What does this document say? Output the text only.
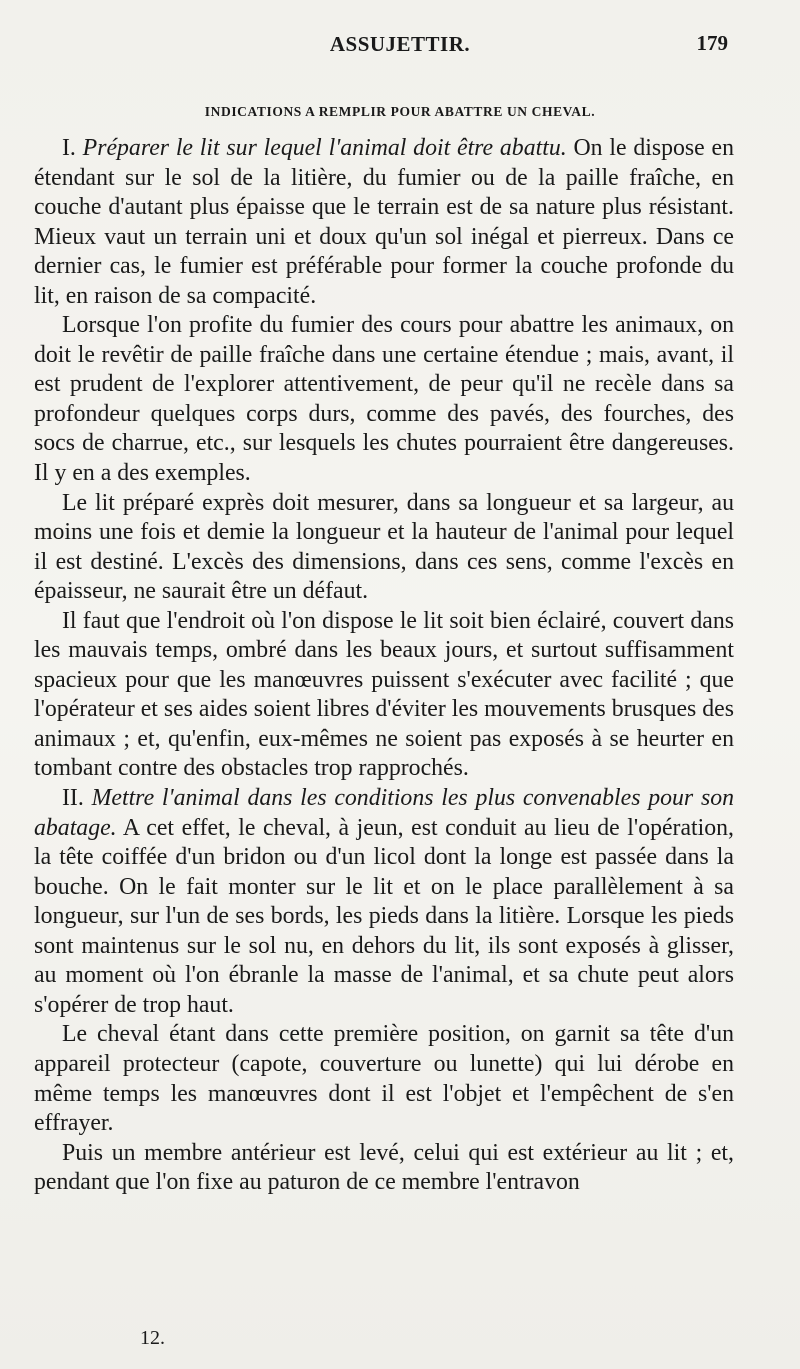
ASSUJETTIR.	179
INDICATIONS A REMPLIR POUR ABATTRE UN CHEVAL.

I. Préparer le lit sur lequel l'animal doit être abattu. On le dispose en étendant sur le sol de la litière, du fumier ou de la paille fraîche, en couche d'autant plus épaisse que le terrain est de sa nature plus résistant. Mieux vaut un terrain uni et doux qu'un sol inégal et pierreux. Dans ce dernier cas, le fumier est préférable pour former la couche profonde du lit, en raison de sa compacité.

Lorsque l'on profite du fumier des cours pour abattre les animaux, on doit le revêtir de paille fraîche dans une certaine étendue ; mais, avant, il est prudent de l'explorer attentivement, de peur qu'il ne recèle dans sa profondeur quelques corps durs, comme des pavés, des fourches, des socs de charrue, etc., sur lesquels les chutes pourraient être dangereuses. Il y en a des exemples.

Le lit préparé exprès doit mesurer, dans sa longueur et sa largeur, au moins une fois et demie la longueur et la hauteur de l'animal pour lequel il est destiné. L'excès des dimensions, dans ces sens, comme l'excès en épaisseur, ne saurait être un défaut.

Il faut que l'endroit où l'on dispose le lit soit bien éclairé, couvert dans les mauvais temps, ombré dans les beaux jours, et surtout suffisamment spacieux pour que les manœuvres puissent s'exécuter avec facilité ; que l'opérateur et ses aides soient libres d'éviter les mouvements brusques des animaux ; et, qu'enfin, eux-mêmes ne soient pas exposés à se heurter en tombant contre des obstacles trop rapprochés.

II. Mettre l'animal dans les conditions les plus convenables pour son abatage. A cet effet, le cheval, à jeun, est conduit au lieu de l'opération, la tête coiffée d'un bridon ou d'un licol dont la longe est passée dans la bouche. On le fait monter sur le lit et on le place parallèlement à sa longueur, sur l'un de ses bords, les pieds dans la litière. Lorsque les pieds sont maintenus sur le sol nu, en dehors du lit, ils sont exposés à glisser, au moment où l'on ébranle la masse de l'animal, et sa chute peut alors s'opérer de trop haut.

Le cheval étant dans cette première position, on garnit sa tête d'un appareil protecteur (capote, couverture ou lunette) qui lui dérobe en même temps les manœuvres dont il est l'objet et l'empêchent de s'en effrayer.

Puis un membre antérieur est levé, celui qui est extérieur au lit ; et, pendant que l'on fixe au paturon de ce membre l'entravon

12.
